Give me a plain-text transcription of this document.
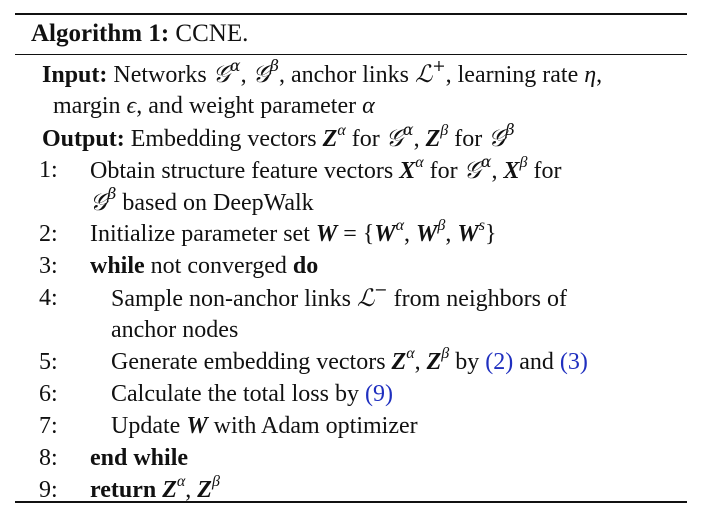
Algorithm 1: CCNE.
Input: Networks 𝒢$^\alpha$, 𝒢$^\beta$, anchor links ℒ+, learning rate η,
margin ϵ, and weight parameter α
Output: Embedding vectors $Z^\alpha$ for 𝒢$^\alpha$, $Z^\beta$ for 𝒢$^\beta$
1: Obtain structure feature vectors $X^\alpha$ for 𝒢$^\alpha$, $X^\beta$ for
𝒢$^\beta$ based on DeepWalk
2: Initialize parameter set $W = \{W^\alpha$, $W^\beta$, $W^s$}
3: while not converged do
4: Sample non-anchor links ℒ− from neighbors of
anchor nodes
5: Generate embedding vectors $Z^\alpha$, $Z^\beta$ by (2) and (3)
6: Calculate the total loss by (9)
7: Update W with Adam optimizer
8: end while
9: return $Z^\alpha$, $Z^\beta$
